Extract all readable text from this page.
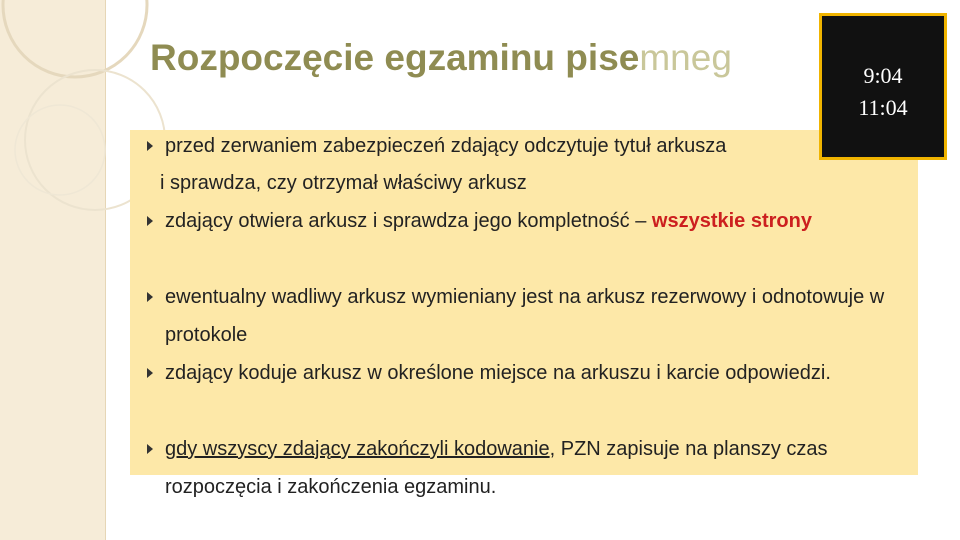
Rozpoczęcie egzaminu pisemneg
przed zerwaniem zabezpieczeń zdający odczytuje tytuł arkusza
i sprawdza, czy otrzymał właściwy arkusz
zdający otwiera arkusz i sprawdza jego kompletność – wszystkie strony
ewentualny wadliwy arkusz wymieniany jest na arkusz rezerwowy i odnotowuje w protokole
zdający koduje arkusz w określone miejsce na arkuszu i karcie odpowiedzi.
gdy wszyscy zdający zakończyli kodowanie, PZN zapisuje na planszy czas rozpoczęcia i zakończenia egzaminu.
9:04
11:04
